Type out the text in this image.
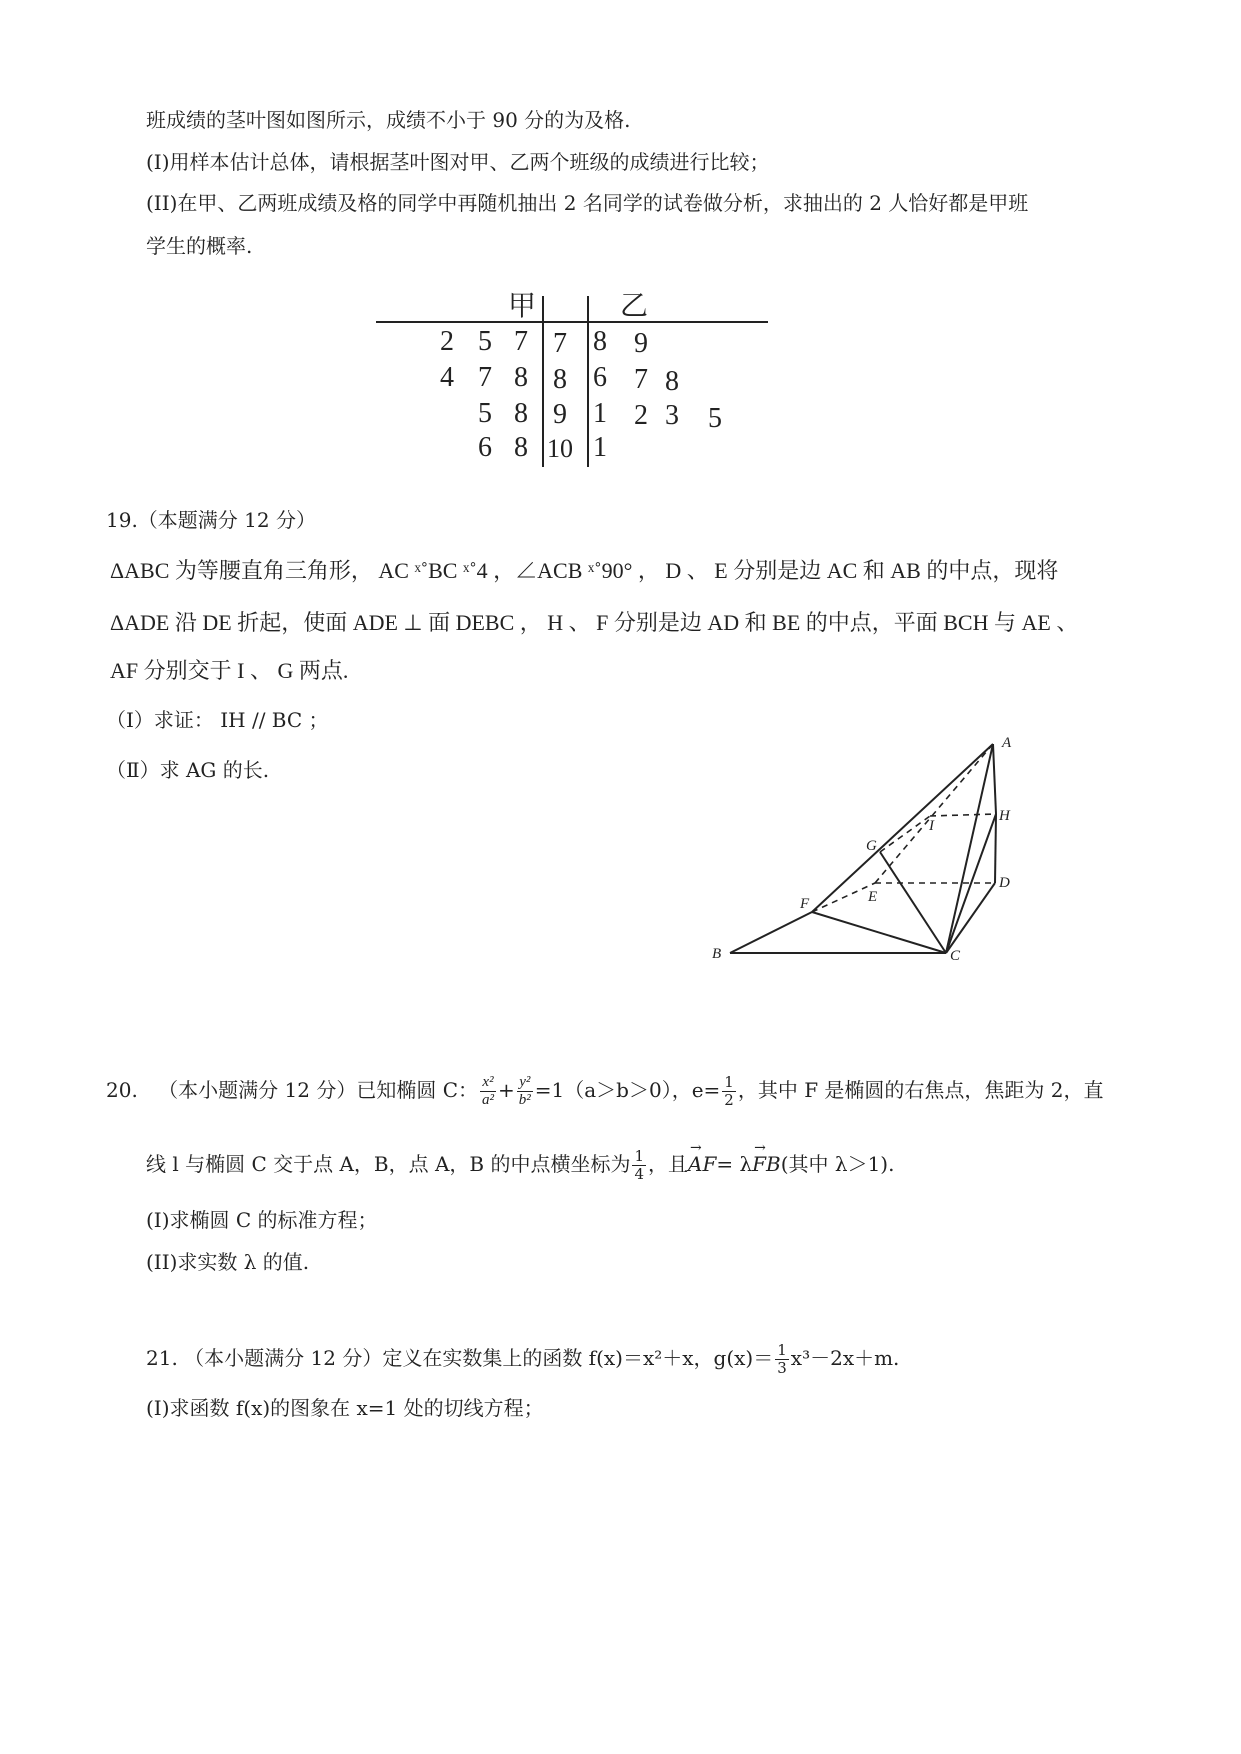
班成绩的茎叶图如图所示，成绩不小于 90 分的为及格.
(I)用样本估计总体，请根据茎叶图对甲、乙两个班级的成绩进行比较；
(II)在甲、乙两班成绩及格的同学中再随机抽出 2 名同学的试卷做分析，求抽出的 2 人恰好都是甲班
学生的概率.
甲	乙
2 5 7 7 8 9
4 7 8 8 6 7 8
5 8 9 1 2 3 5
6 8 10 1
19.（本题满分 12 分）
ΔABC 为等腰直角三角形， AC ˣ˚BC ˣ˚4 ，∠ACB ˣ˚90° ， D 、 E 分别是边 AC 和 AB 的中点，现将
ΔADE 沿 DE 折起，使面 ADE ⊥ 面 DEBC ， H 、 F 分别是边 AD 和 BE 的中点，平面 BCH 与 AE 、
AF 分别交于 I 、 G 两点.
（Ⅰ）求证： IH // BC ；
（Ⅱ）求 AG 的长.
A
H
I
G
D
E
F
B	C
20. （本小题满分 12 分）已知椭圆 C： $\frac{\text{x²}}{\text{a²}} + \frac{\text{y²}}{\text{b²}} =1(a>b>0)$，$e= \frac{1}{2}$ ，其中 F 是椭圆的右焦点，焦距为 2，直
线 l 与椭圆 C 交于点 A，B，点 A，B 的中点横坐标为 $\frac{1}{4}$ ，且→ AF= λ→ FB(其中 λ＞1).
(I)求椭圆 C 的标准方程；
(II)求实数 λ 的值.
21. （本小题满分 12 分）定义在实数集上的函数 f(x)＝x²＋x，$g(x)= \frac{1}{3} x^3-2x+m$.
(I)求函数 f(x)的图象在 x=1 处的切线方程；
